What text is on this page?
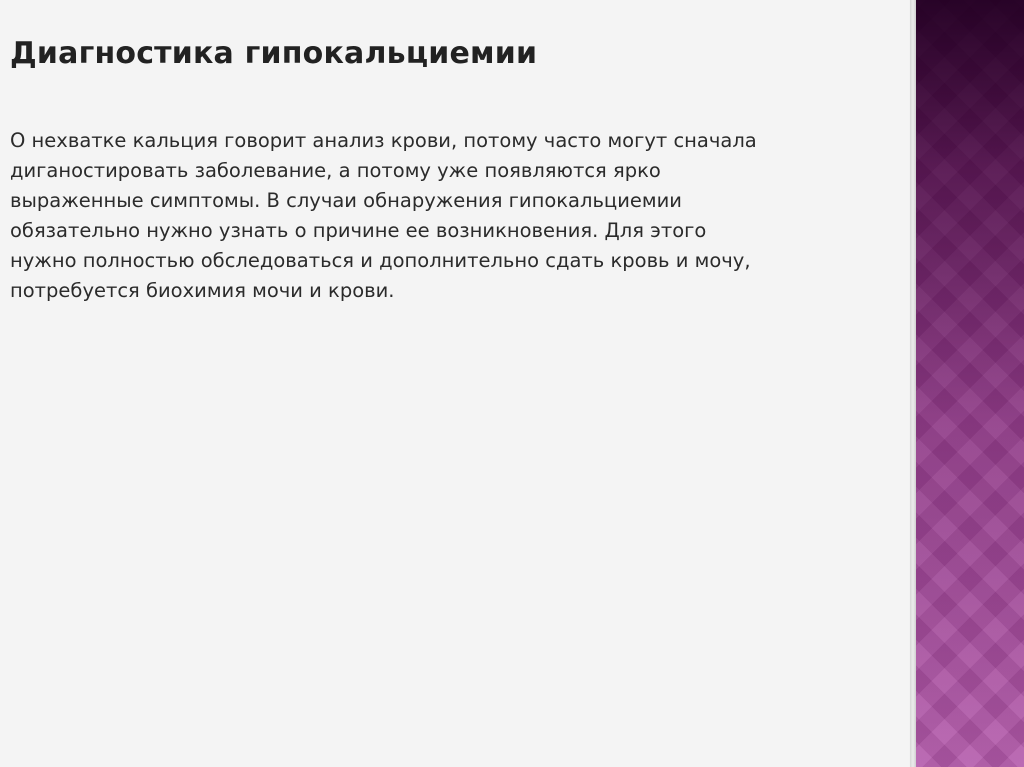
Диагностика гипокальциемии
О нехватке кальция говорит анализ крови, потому часто могут сначала
диганостировать заболевание, а потому уже появляются ярко
выраженные симптомы. В случаи обнаружения гипокальциемии
обязательно нужно узнать о причине ее возникновения. Для этого
нужно полностью обследоваться и дополнительно сдать кровь и мочу,
потребуется биохимия мочи и крови.
